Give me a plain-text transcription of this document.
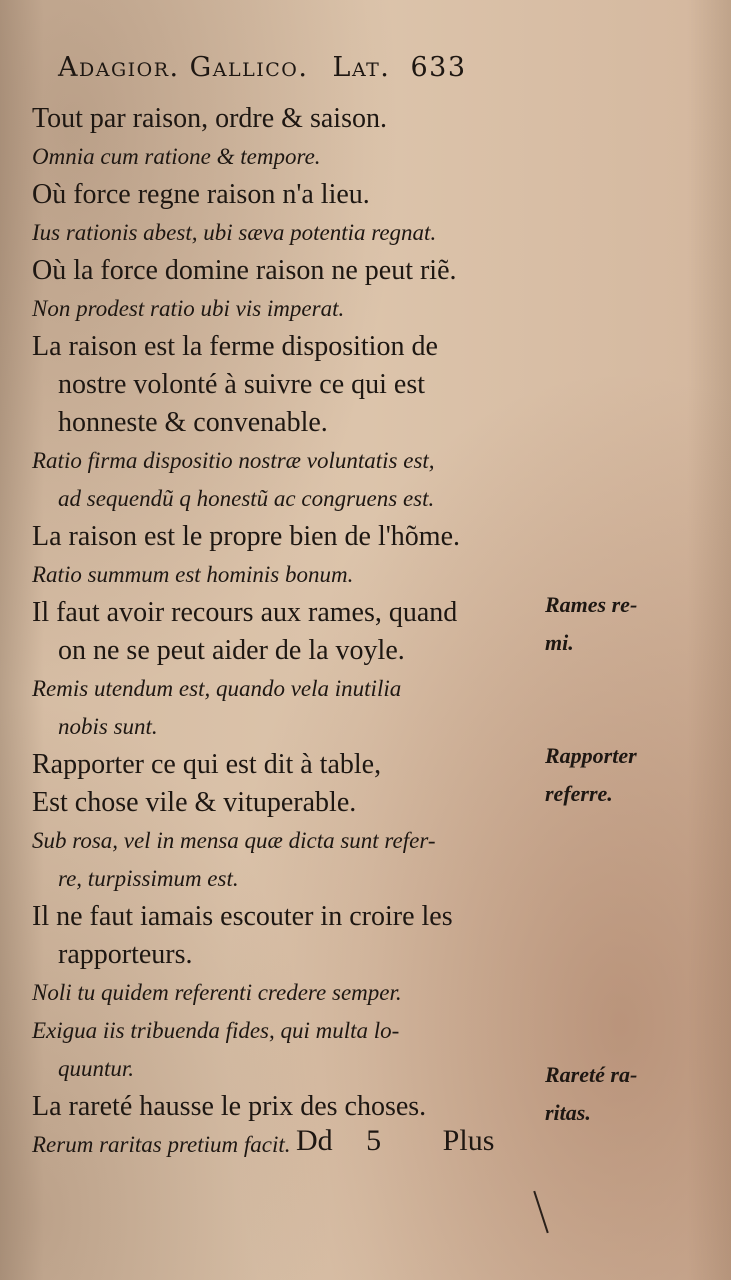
Adagior. Gallico. Lat. 633

Tout par raison, ordre & saison.

Omnia cum ratione & tempore.

Où force regne raison n'a lieu.

Ius rationis abest, ubi sæva potentia regnat.

Où la force domine raison ne peut riẽ.

Non prodest ratio ubi vis imperat.

La raison est la ferme disposition de

nostre volonté à suivre ce qui est

honneste & convenable.

Ratio firma dispositio nostræ voluntatis est,

ad sequendũ q honestũ ac congruens est.

La raison est le propre bien de l'hõme.

Ratio summum est hominis bonum.

Il faut avoir recours aux rames, quand

on ne se peut aider de la voyle.

Remis utendum est, quando vela inutilia

nobis sunt.

Rapporter ce qui est dit à table,

Est chose vile & vituperable.

Sub rosa, vel in mensa quæ dicta sunt refer-

re, turpissimum est.

Il ne faut iamais escouter in croire les

rapporteurs.

Noli tu quidem referenti credere semper.

Exigua iis tribuenda fides, qui multa lo-

quuntur.

La rareté hausse le prix des choses.

Rerum raritas pretium facit.

Rames re-
mi.
Rapporter
referre.
Rareté ra-
ritas.
Dd 5 Plus
